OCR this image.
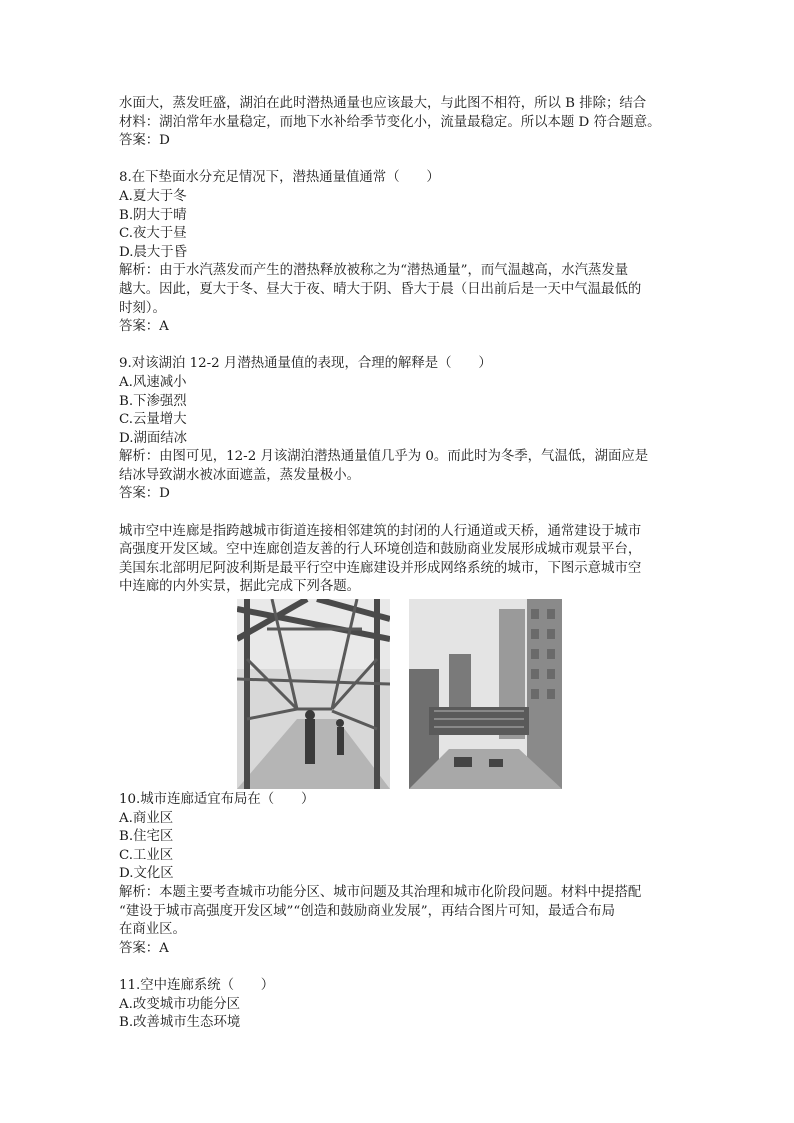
水面大，蒸发旺盛，湖泊在此时潜热通量也应该最大，与此图不相符，所以 B 排除；结合
材料：湖泊常年水量稳定，而地下水补给季节变化小，流量最稳定。所以本题 D 符合题意。
答案：D
8.在下垫面水分充足情况下，潜热通量值通常（　　）
A.夏大于冬
B.阴大于晴
C.夜大于昼
D.晨大于昏
解析：由于水汽蒸发而产生的潜热释放被称之为“潜热通量”，而气温越高，水汽蒸发量
越大。因此，夏大于冬、昼大于夜、晴大于阴、昏大于晨（日出前后是一天中气温最低的
时刻）。
答案：A
9.对该湖泊 12-2 月潜热通量值的表现，合理的解释是（　　）
A.风速减小
B.下渗强烈
C.云量增大
D.湖面结冰
解析：由图可见，12-2 月该湖泊潜热通量值几乎为 0。而此时为冬季，气温低，湖面应是
结冰导致湖水被冰面遮盖，蒸发量极小。
答案：D
城市空中连廊是指跨越城市街道连接相邻建筑的封闭的人行通道或天桥，通常建设于城市
高强度开发区域。空中连廊创造友善的行人环境创造和鼓励商业发展形成城市观景平台，
美国东北部明尼阿波利斯是最平行空中连廊建设并形成网络系统的城市，下图示意城市空
中连廊的内外实景，据此完成下列各题。
10.城市连廊适宜布局在（　　）
A.商业区
B.住宅区
C.工业区
D.文化区
解析：本题主要考查城市功能分区、城市问题及其治理和城市化阶段问题。材料中提搭配
“建设于城市高强度开发区域”“创造和鼓励商业发展”，再结合图片可知，最适合布局
在商业区。
答案：A
11.空中连廊系统（　　）
A.改变城市功能分区
B.改善城市生态环境
